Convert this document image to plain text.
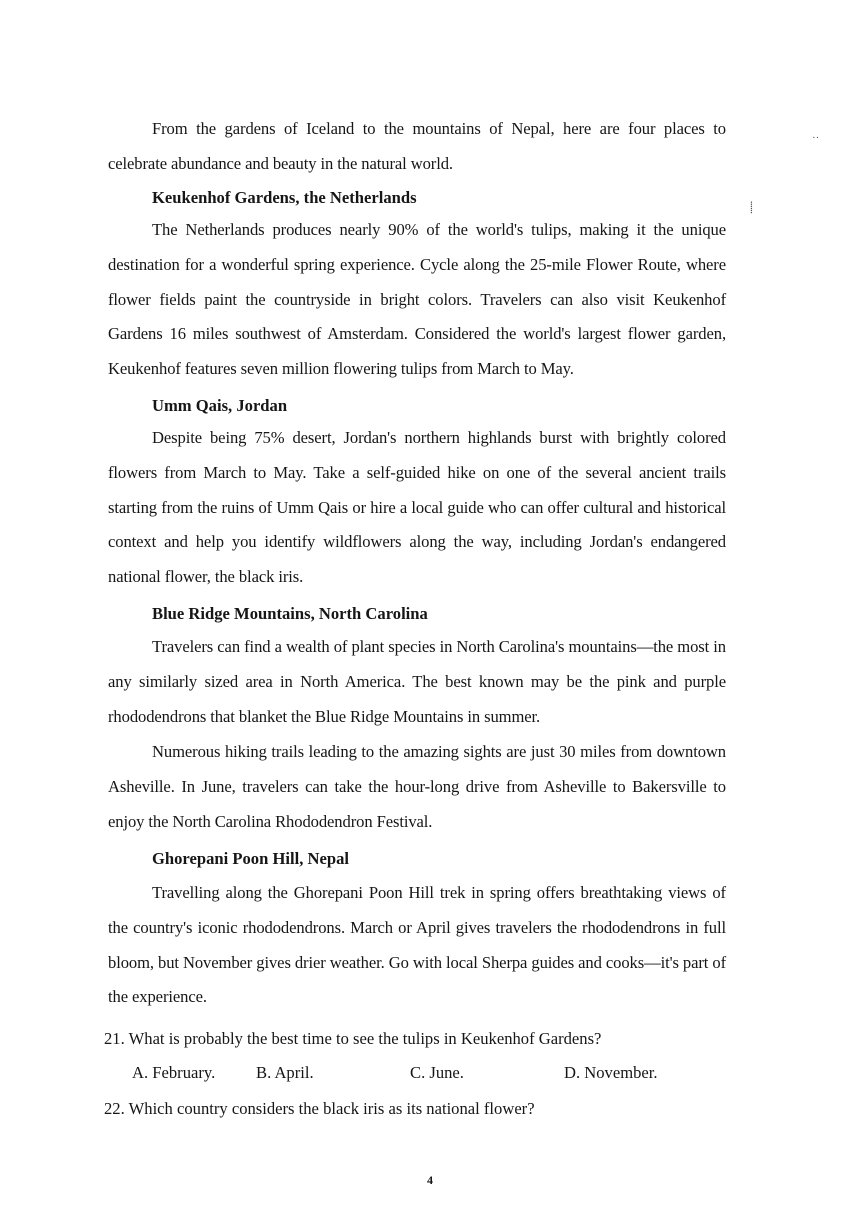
From the gardens of Iceland to the mountains of Nepal, here are four places to celebrate abundance and beauty in the natural world.

Keukenhof Gardens, the Netherlands

The Netherlands produces nearly 90% of the world's tulips, making it the unique destination for a wonderful spring experience. Cycle along the 25-mile Flower Route, where flower fields paint the countryside in bright colors. Travelers can also visit Keukenhof Gardens 16 miles southwest of Amsterdam. Considered the world's largest flower garden, Keukenhof features seven million flowering tulips from March to May.

Umm Qais, Jordan

Despite being 75% desert, Jordan's northern highlands burst with brightly colored flowers from March to May. Take a self-guided hike on one of the several ancient trails starting from the ruins of Umm Qais or hire a local guide who can offer cultural and historical context and help you identify wildflowers along the way, including Jordan's endangered national flower, the black iris.

Blue Ridge Mountains, North Carolina

Travelers can find a wealth of plant species in North Carolina's mountains—the most in any similarly sized area in North America. The best known may be the pink and purple rhododendrons that blanket the Blue Ridge Mountains in summer.

Numerous hiking trails leading to the amazing sights are just 30 miles from downtown Asheville. In June, travelers can take the hour-long drive from Asheville to Bakersville to enjoy the North Carolina Rhododendron Festival.

Ghorepani Poon Hill, Nepal

Travelling along the Ghorepani Poon Hill trek in spring offers breathtaking views of the country's iconic rhododendrons. March or April gives travelers the rhododendrons in full bloom, but November gives drier weather. Go with local Sherpa guides and cooks—it's part of the experience.

21. What is probably the best time to see the tulips in Keukenhof Gardens?

A. February. B. April.	C. June.	D. November.

22. Which country considers the black iris as its national flower?

4
⸽
··
